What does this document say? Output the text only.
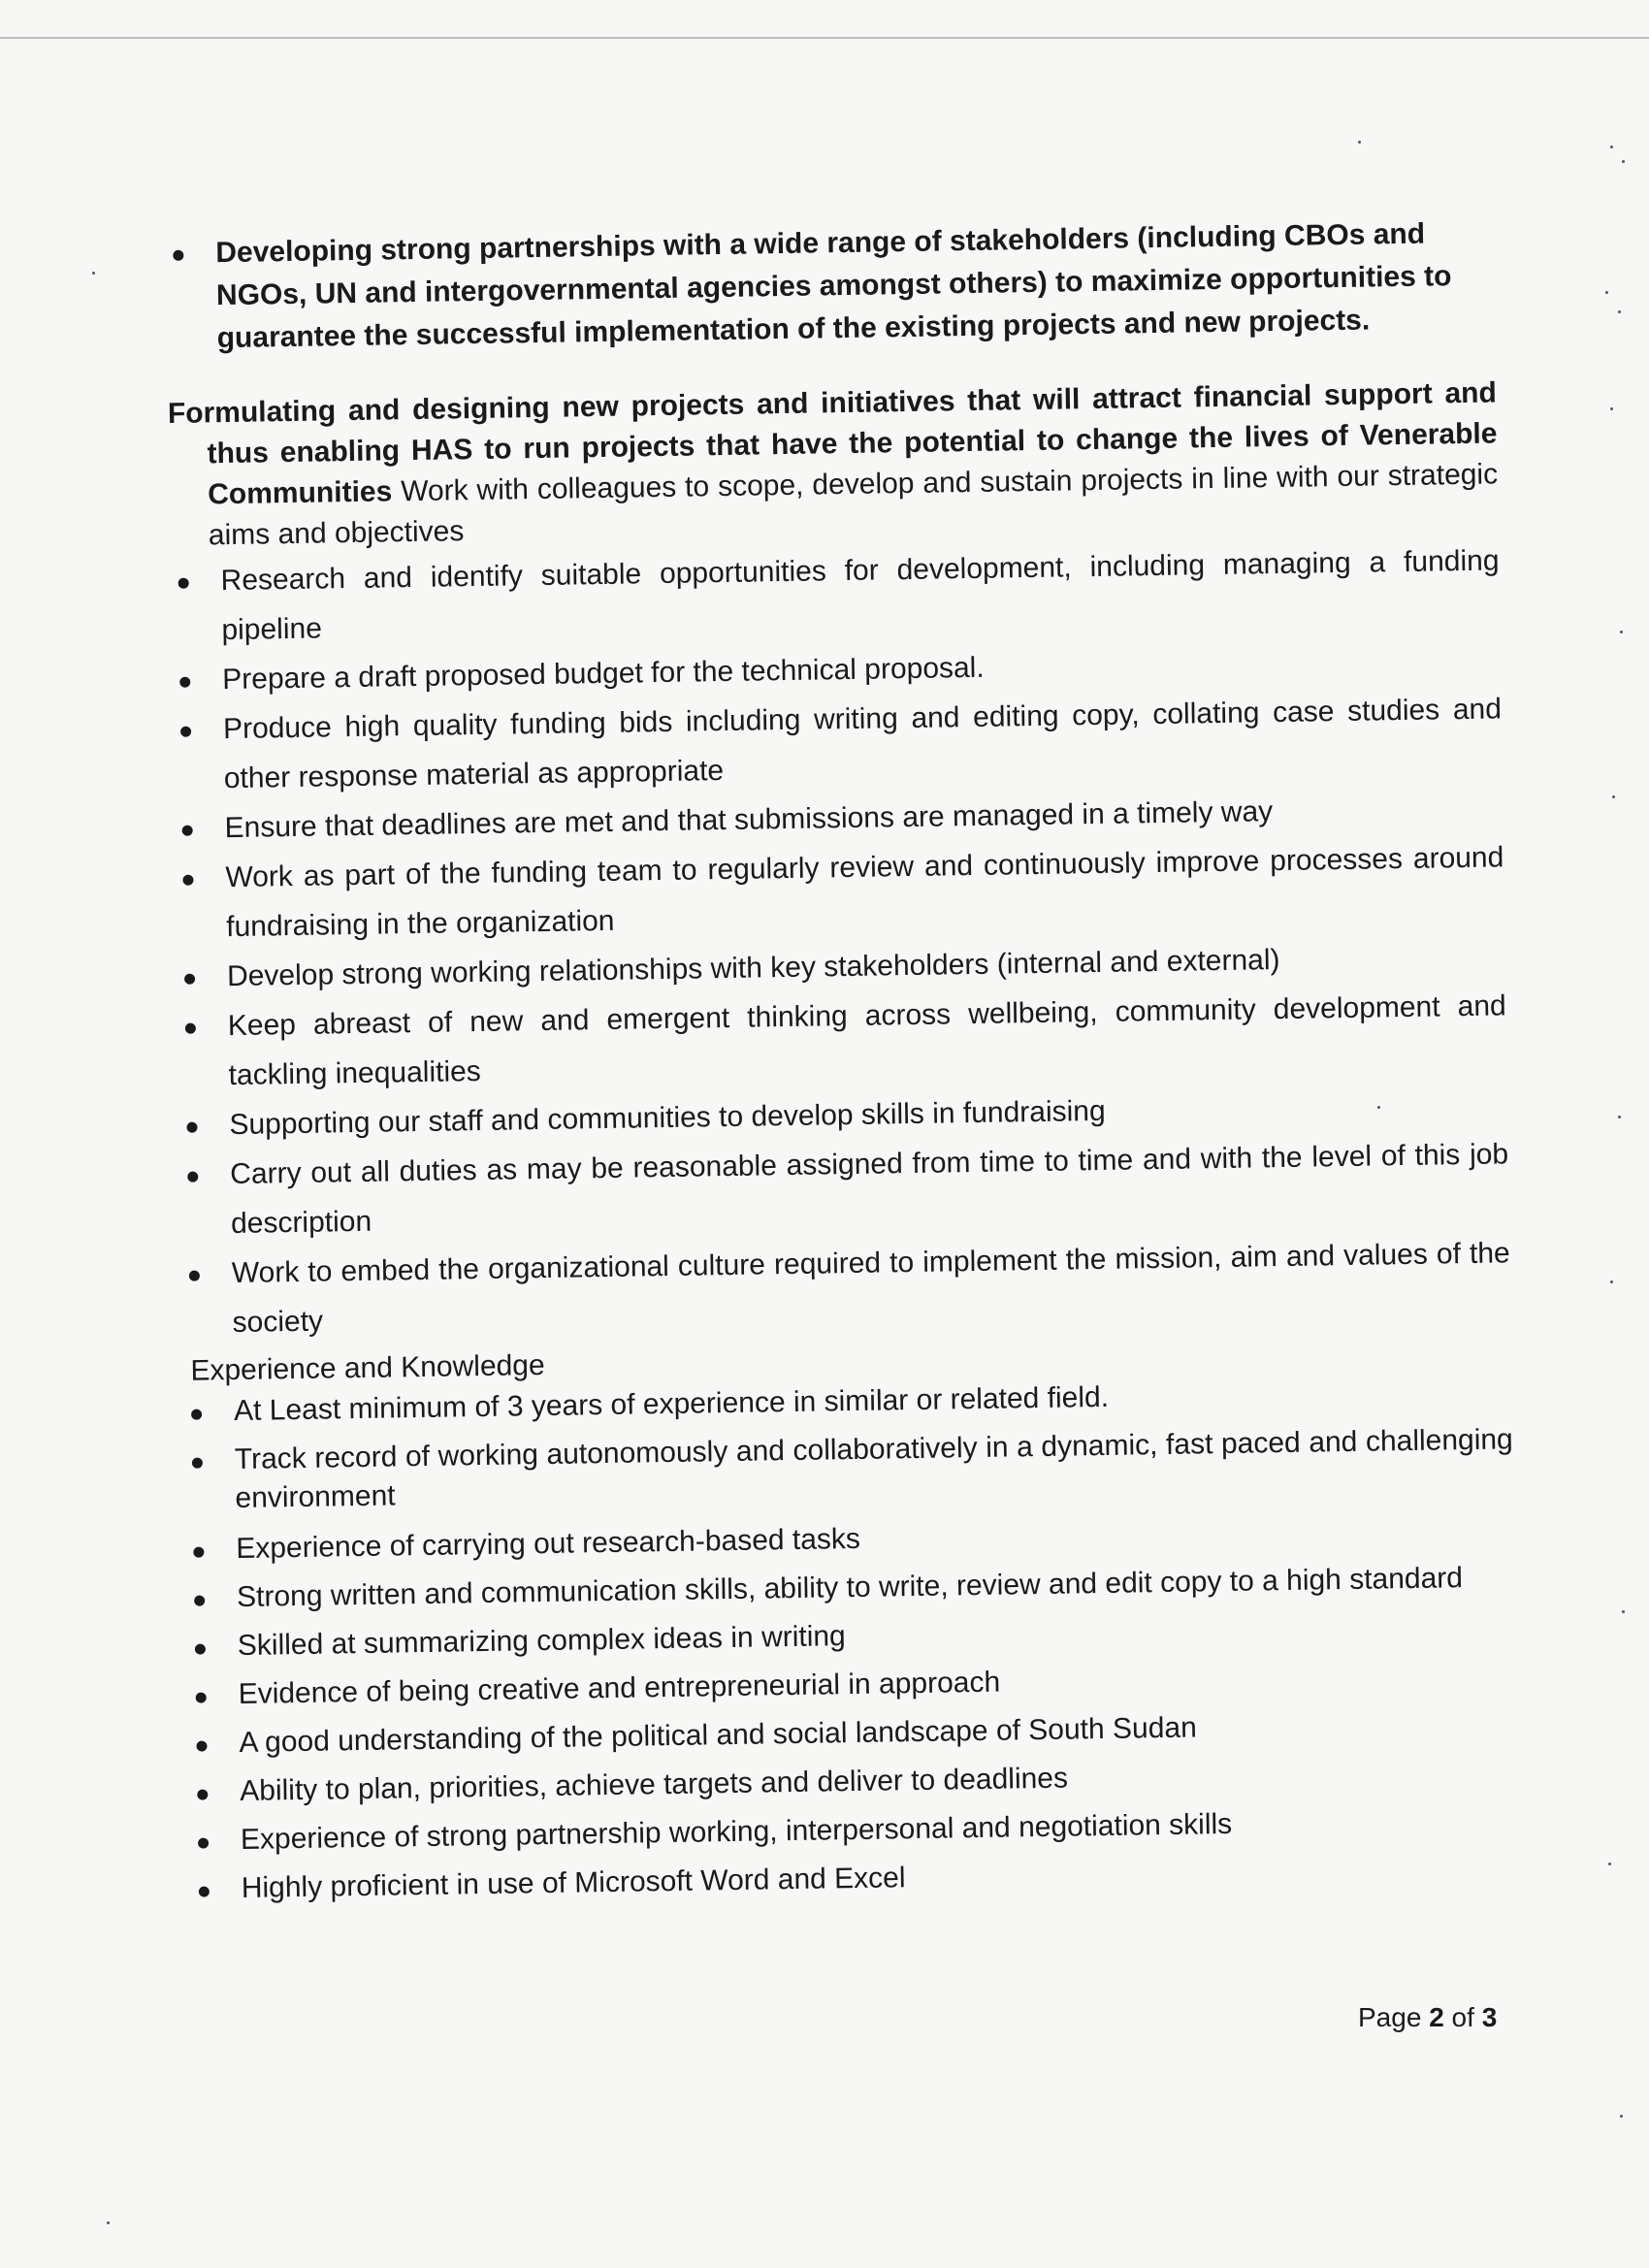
Developing strong partnerships with a wide range of stakeholders (including CBOs and NGOs, UN and intergovernmental agencies amongst others) to maximize opportunities to guarantee the successful implementation of the existing projects and new projects.
Formulating and designing new projects and initiatives that will attract financial support and thus enabling HAS to run projects that have the potential to change the lives of Venerable Communities Work with colleagues to scope, develop and sustain projects in line with our strategic aims and objectives
Research and identify suitable opportunities for development, including managing a funding pipeline
Prepare a draft proposed budget for the technical proposal.
Produce high quality funding bids including writing and editing copy, collating case studies and other response material as appropriate
Ensure that deadlines are met and that submissions are managed in a timely way
Work as part of the funding team to regularly review and continuously improve processes around fundraising in the organization
Develop strong working relationships with key stakeholders (internal and external)
Keep abreast of new and emergent thinking across wellbeing, community development and tackling inequalities
Supporting our staff and communities to develop skills in fundraising
Carry out all duties as may be reasonable assigned from time to time and with the level of this job description
Work to embed the organizational culture required to implement the mission, aim and values of the society
Experience and Knowledge
At Least minimum of 3 years of experience in similar or related field.
Track record of working autonomously and collaboratively in a dynamic, fast paced and challenging environment
Experience of carrying out research-based tasks
Strong written and communication skills, ability to write, review and edit copy to a high standard
Skilled at summarizing complex ideas in writing
Evidence of being creative and entrepreneurial in approach
A good understanding of the political and social landscape of South Sudan
Ability to plan, priorities, achieve targets and deliver to deadlines
Experience of strong partnership working, interpersonal and negotiation skills
Highly proficient in use of Microsoft Word and Excel
Page 2 of 3
